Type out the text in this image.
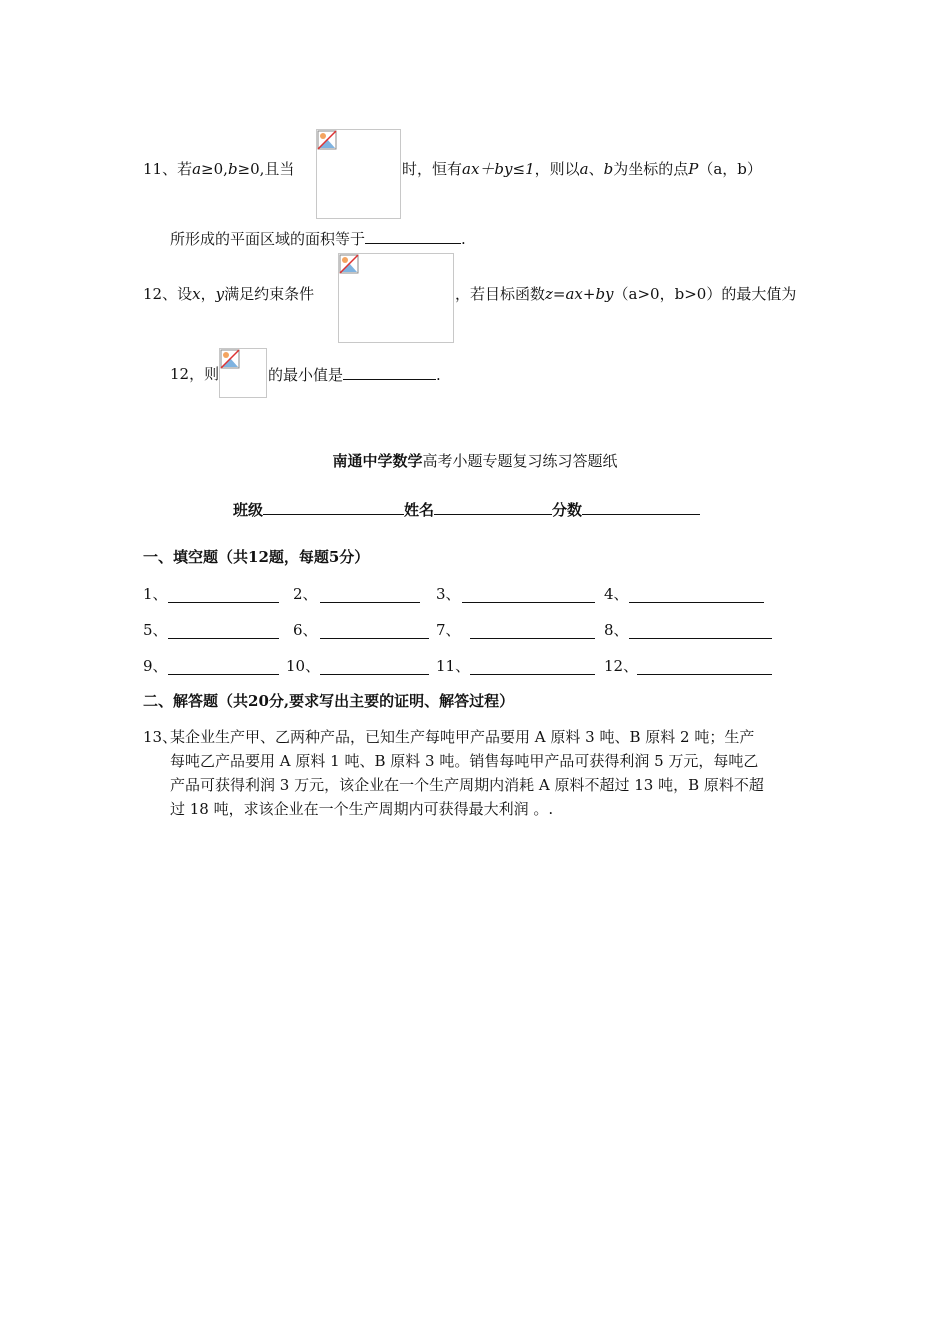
11、若a≥0,b≥0,且当	时，恒有ax＋by≤1，则以a、b为坐标的点P（a，b）
所形成的平面区域的面积等于	.
12、设x，y满足约束条件	，若目标函数z=ax+by（a>0，b>0）的最大值为
12，则	的最小值是	.
南通中学数学高考小题专题复习练习答题纸
班级	姓名	分数
一、填空题（共12题，每题5分）
1、	2、	3、	4、
5、	6、	7、	8、
9、	10、	11、	12、
二、解答题（共20分,要求写出主要的证明、解答过程）
13、
某企业生产甲、乙两种产品，已知生产每吨甲产品要用 A 原料 3 吨、B 原料 2 吨；生产
每吨乙产品要用 A 原料 1 吨、B 原料 3 吨。销售每吨甲产品可获得利润 5 万元，每吨乙
产品可获得利润 3 万元，该企业在一个生产周期内消耗 A 原料不超过 13 吨，B 原料不超
过 18 吨，求该企业在一个生产周期内可获得最大利润 。.
